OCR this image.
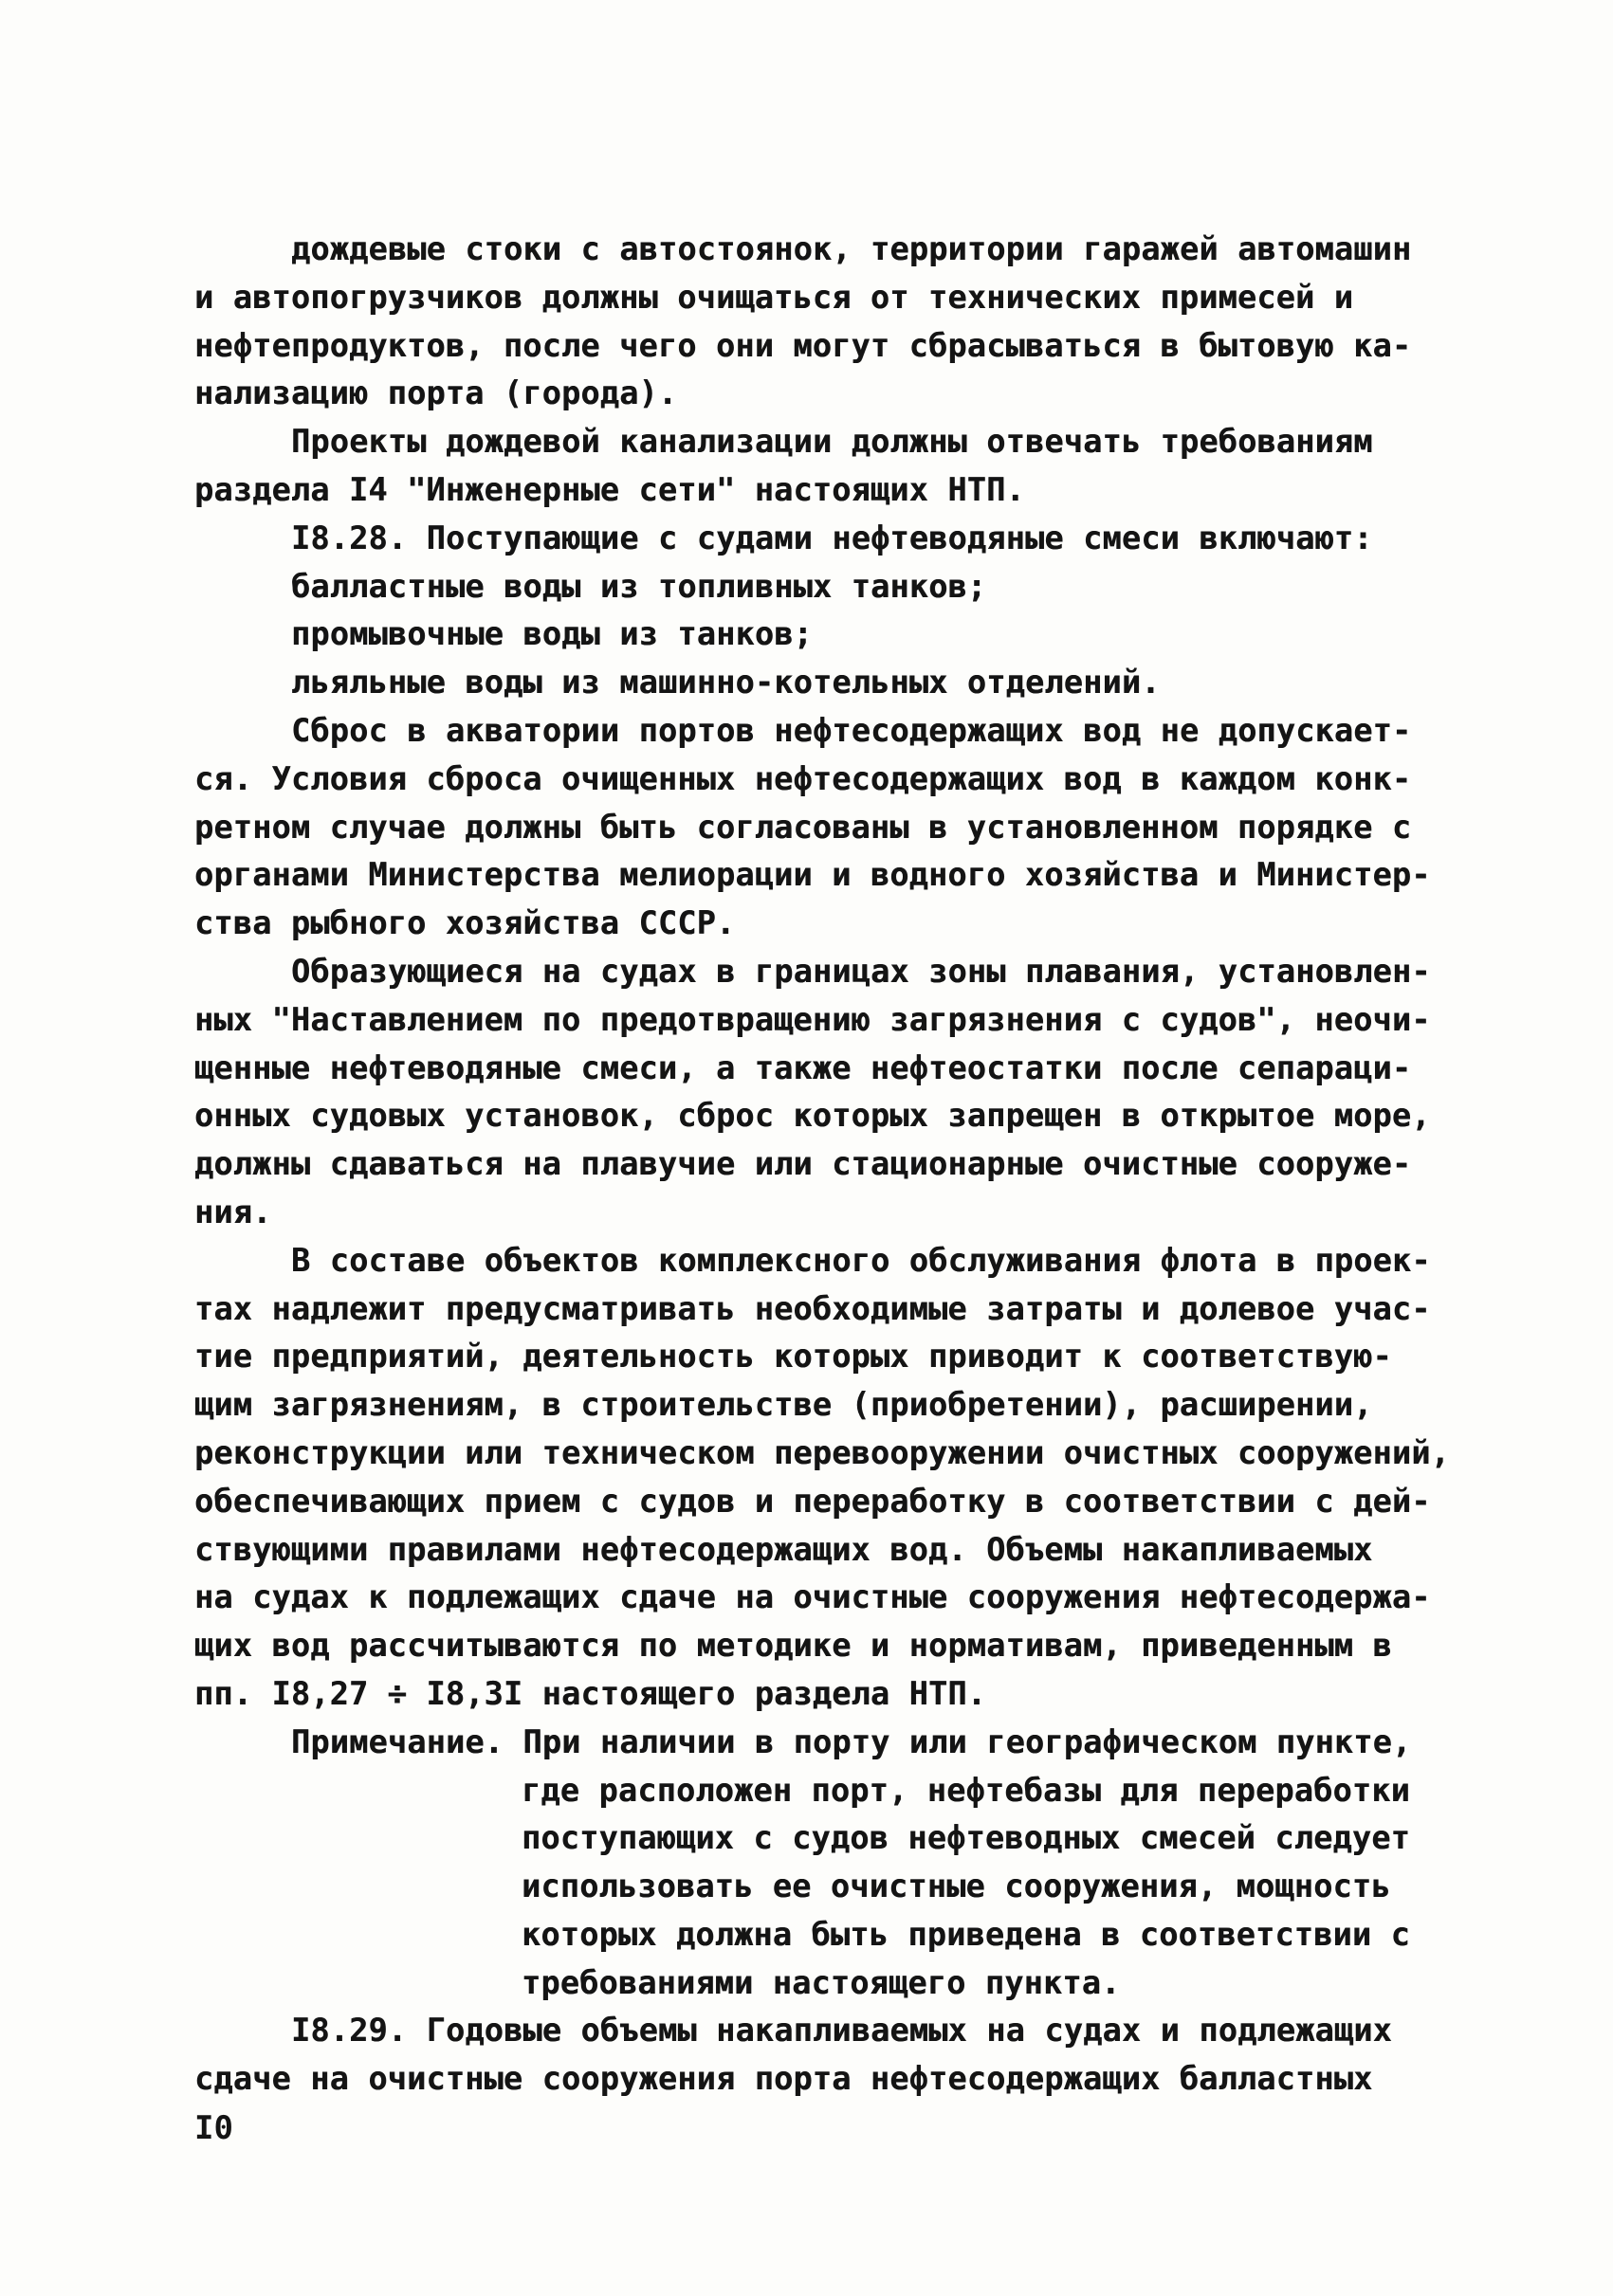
дождевые стоки с автостоянок, территории гаражей автомашин
и автопогрузчиков должны очищаться от технических примесей и
нефтепродуктов, после чего они могут сбрасываться в бытовую ка-
нализацию порта (города).
Проекты дождевой канализации должны отвечать требованиям
раздела I4 "Инженерные сети" настоящих НТП.
I8.28. Поступающие с судами нефтеводяные смеси включают:
балластные воды из топливных танков;
промывочные воды из танков;
льяльные воды из машинно-котельных отделений.
Сброс в акватории портов нефтесодержащих вод не допускает-
ся. Условия сброса очищенных нефтесодержащих вод в каждом конк-
ретном случае должны быть согласованы в установленном порядке с
органами Министерства мелиорации и водного хозяйства и Министер-
ства рыбного хозяйства СССР.
Образующиеся на судах в границах зоны плавания, установлен-
ных "Наставлением по предотвращению загрязнения с судов", неочи-
щенные нефтеводяные смеси, а также нефтеостатки после сепараци-
онных судовых установок, сброс которых запрещен в открытое море,
должны сдаваться на плавучие или стационарные очистные сооруже-
ния.
В составе объектов комплексного обслуживания флота в проек-
тах надлежит предусматривать необходимые затраты и долевое учас-
тие предприятий, деятельность которых приводит к соответствую-
щим загрязнениям, в строительстве (приобретении), расширении,
реконструкции или техническом перевооружении очистных сооружений,
обеспечивающих прием с судов и переработку в соответствии с дей-
ствующими правилами нефтесодержащих вод. Объемы накапливаемых
на судах к подлежащих сдаче на очистные сооружения нефтесодержа-
щих вод рассчитываются по методике и нормативам, приведенным в
пп. I8,27 ÷ I8,3I настоящего раздела НТП.
Примечание. При наличии в порту или географическом пункте,
где расположен порт, нефтебазы для переработки
поступающих с судов нефтеводных смесей следует
использовать ее очистные сооружения, мощность
которых должна быть приведена в соответствии с
требованиями настоящего пункта.
I8.29. Годовые объемы накапливаемых на судах и подлежащих
сдаче на очистные сооружения порта нефтесодержащих балластных
I0
